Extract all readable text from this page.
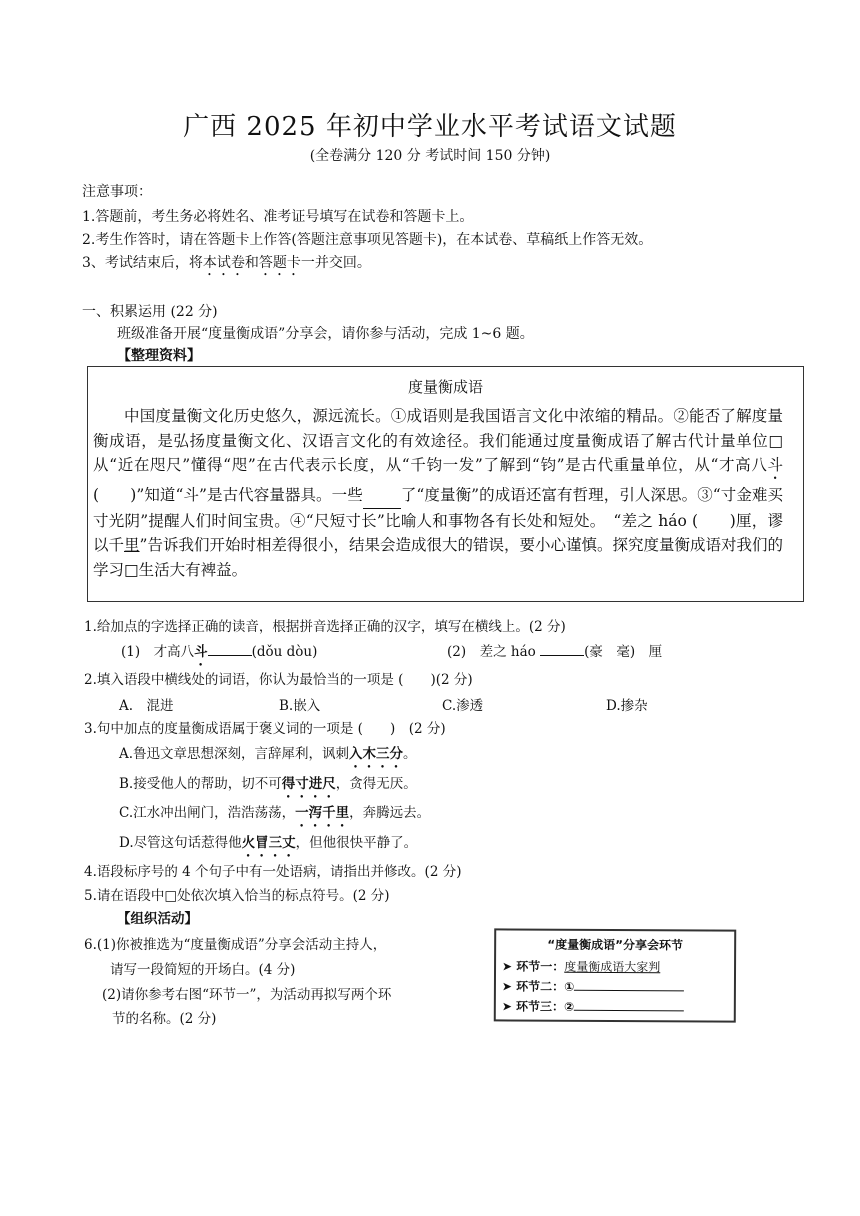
广西 2025 年初中学业水平考试语文试题
(全卷满分 120 分 考试时间 150 分钟)
注意事项：
1.答题前，考生务必将姓名、准考证号填写在试卷和答题卡上。
2.考生作答时，请在答题卡上作答(答题注意事项见答题卡)，在本试卷、草稿纸上作答无效。
3、考试结束后，将本试卷和答题卡一并交回。
一、积累运用 (22 分)
班级准备开展“度量衡成语”分享会，请你参与活动，完成 1~6 题。
【整理资料】
度量衡成语
中国度量衡文化历史悠久，源远流长。①成语则是我国语言文化中浓缩的精品。②能否了解度量衡成语，是弘扬度量衡文化、汉语言文化的有效途径。我们能通过度量衡成语了解古代计量单位□从“近在咫尺”懂得“咫”在古代表示长度，从“千钧一发”了解到“钧”是古代重量单位，从“才高八斗(　　)”知道“斗”是古代容量器具。一些 了“度量衡”的成语还富有哲理，引人深思。③“寸金难买寸光阴”提醒人们时间宝贵。④“尺短寸长”比喻人和事物各有长处和短处。　“差之 háo (　　)厘，谬以千里”告诉我们开始时相差得很小，结果会造成很大的错误，要小心谨慎。探究度量衡成语对我们的学习□生活大有裨益。
1.给加点的字选择正确的读音，根据拼音选择正确的汉字，填写在横线上。(2 分)
(1)　才高八斗	(dǒu dòu)	(2)　差之 háo	(豪　毫)　厘
2.填入语段中横线处的词语，你认为最恰当的一项是 (　　)(2 分)
A.　混进	B.嵌入	C.渗透	D.掺杂
3.句中加点的度量衡成语属于褒义词的一项是 (　　)　(2 分)
A.鲁迅文章思想深刻，言辞犀利，讽刺入木三分。
B.接受他人的帮助，切不可得寸进尺，贪得无厌。
C.江水冲出闸门，浩浩荡荡，一泻千里，奔腾远去。
D.尽管这句话惹得他火冒三丈，但他很快平静了。
4.语段标序号的 4 个句子中有一处语病，请指出并修改。(2 分)
5.请在语段中□处依次填入恰当的标点符号。(2 分)
【组织活动】
6.(1)你被推选为“度量衡成语”分享会活动主持人，
请写一段简短的开场白。(4 分)
(2)请你参考右图“环节一”，为活动再拟写两个环
节的名称。(2 分)
“度量衡成语”分享会环节
➤ 环节一：度量衡成语大家判
➤ 环节二：①
➤ 环节三：②
